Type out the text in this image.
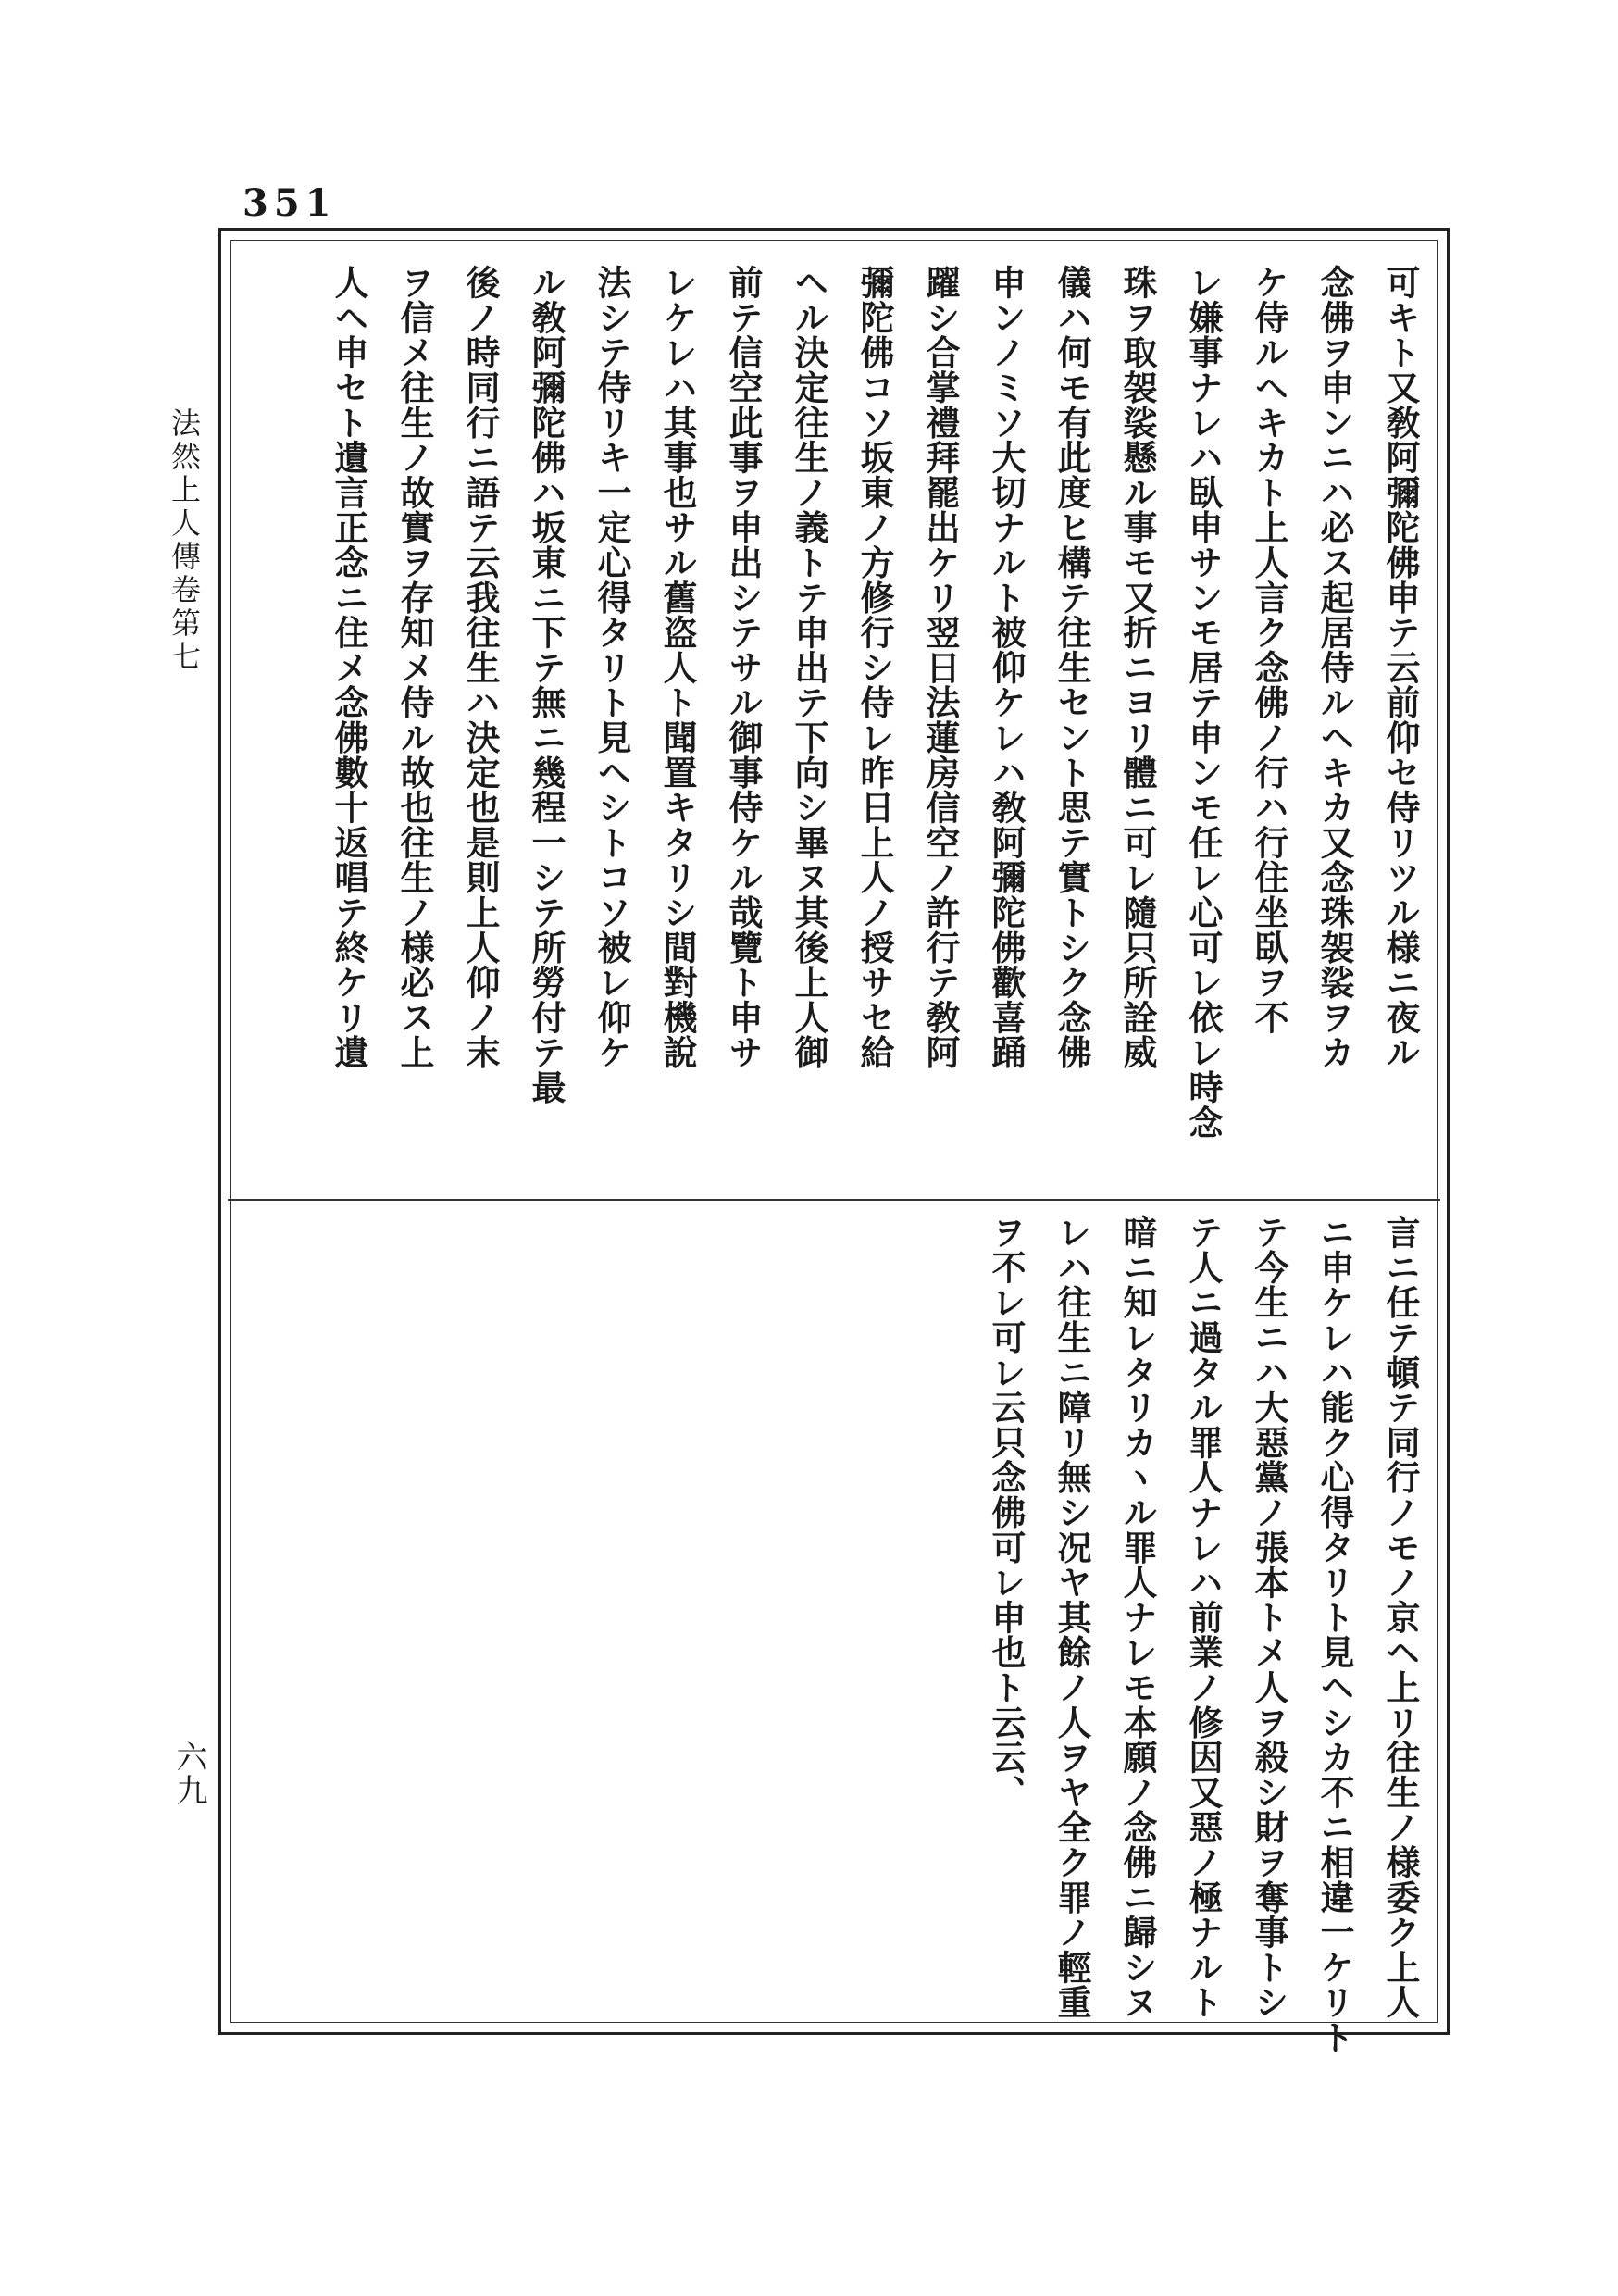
351
法然上人傳卷第七
六九
可キト又敎阿彌陀佛申テ云前仰セ侍リツル様ニ夜ル
念佛ヲ申ンニハ必ス起居侍ルヘキカ又念珠袈裟ヲカ
ケ侍ルヘキカト上人言ク念佛ノ行ハ行住坐臥ヲ不
レ嫌事ナレハ臥申サンモ居テ申ンモ任レ心可レ依レ時念
珠ヲ取袈裟懸ル事モ又折ニヨリ體ニ可レ隨只所詮威
儀ハ何モ有此度ヒ構テ往生セント思テ實トシク念佛
申ンノミソ大切ナルト被仰ケレハ敎阿彌陀佛歡喜踊
躍シ合掌禮拜罷出ケリ翌日法蓮房信空ノ許行テ敎阿
彌陀佛コソ坂東ノ方修行シ侍レ昨日上人ノ授サセ給
ヘル決定往生ノ義トテ申出テ下向シ畢ヌ其後上人御
前テ信空此事ヲ申出シテサル御事侍ケル哉覽ト申サ
レケレハ其事也サル舊盗人ト聞置キタリシ間對機說
法シテ侍リキ一定心得タリト見ヘシトコソ被レ仰ケ
ル敎阿彌陀佛ハ坂東ニ下テ無ニ幾程一シテ所勞付テ最
後ノ時同行ニ語テ云我往生ハ決定也是則上人仰ノ末
ヲ信メ往生ノ故實ヲ存知メ侍ル故也往生ノ様必ス上
人ヘ申セト遺言正念ニ住メ念佛數十返唱テ終ケリ遺
言ニ任テ頓テ同行ノモノ京ヘ上リ往生ノ様委ク上人
ニ申ケレハ能ク心得タリト見ヘシカ不ニ相違一ケリト
テ今生ニハ大惡黨ノ張本トメ人ヲ殺シ財ヲ奪事トシ
テ人ニ過タル罪人ナレハ前業ノ修因又惡ノ極ナルト
暗ニ知レタリカヽル罪人ナレモ本願ノ念佛ニ歸シヌ
レハ往生ニ障リ無シ况ヤ其餘ノ人ヲヤ全ク罪ノ輕重
ヲ不レ可レ云只念佛可レ申也ト云云、
